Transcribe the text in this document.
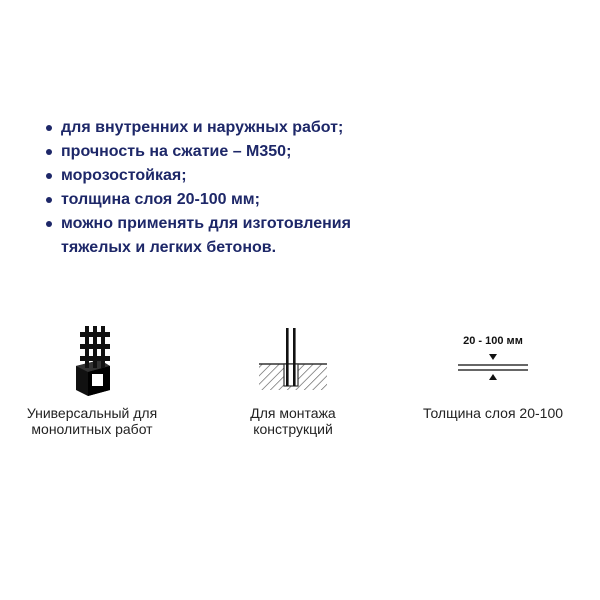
для внутренних и наружных работ;
прочность на сжатие – М350;
морозостойкая;
толщина слоя 20-100 мм;
можно применять для изготовления
тяжелых и легких бетонов.
Универсальный для
монолитных работ
Для монтажа
конструкций
20 - 100 мм
Толщина слоя 20-100
